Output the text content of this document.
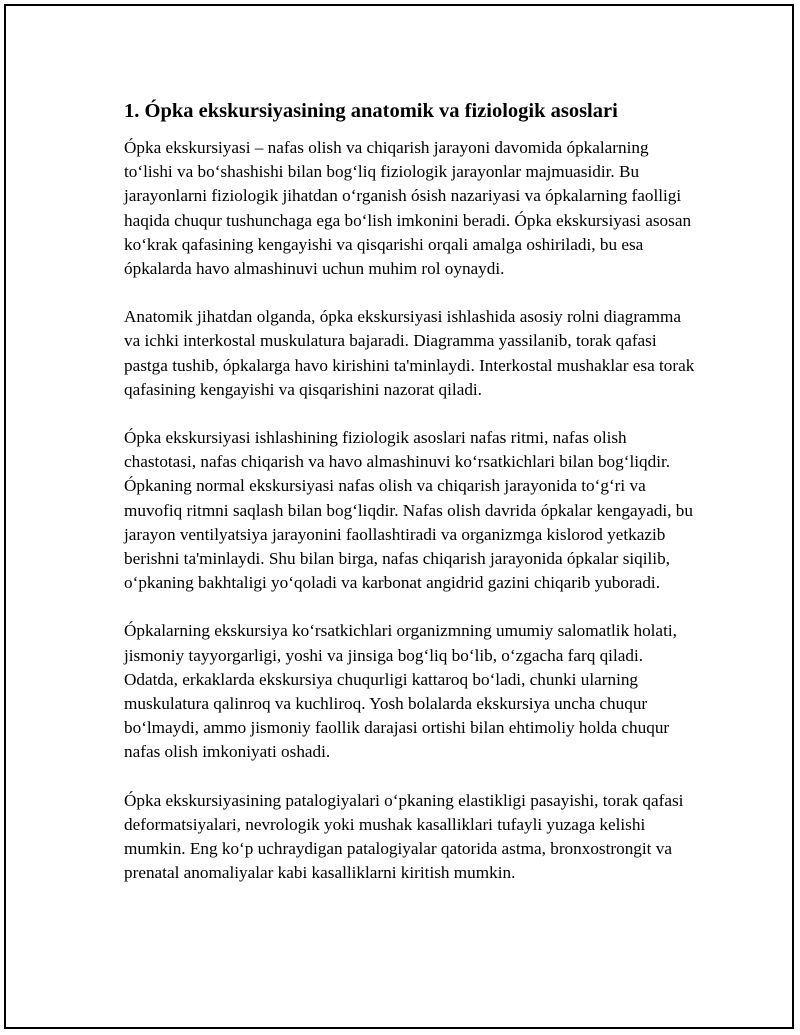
1. Ópka ekskursiyasining anatomik va fiziologik asoslari

Ópka ekskursiyasi – nafas olish va chiqarish jarayoni davomida ópkalarning to‘lishi va bo‘shashishi bilan bog‘liq fiziologik jarayonlar majmuasidir. Bu jarayonlarni fiziologik jihatdan o‘rganish ósish nazariyasi va ópkalarning faolligi haqida chuqur tushunchaga ega bo‘lish imkonini beradi. Ópka ekskursiyasi asosan ko‘krak qafasining kengayishi va qisqarishi orqali amalga oshiriladi, bu esa ópkalarda havo almashinuvi uchun muhim rol oynaydi.

Anatomik jihatdan olganda, ópka ekskursiyasi ishlashida asosiy rolni diagramma va ichki interkostal muskulatura bajaradi. Diagramma yassilanib, torak qafasi pastga tushib, ópkalarga havo kirishini ta'minlaydi. Interkostal mushaklar esa torak qafasining kengayishi va qisqarishini nazorat qiladi.

Ópka ekskursiyasi ishlashining fiziologik asoslari nafas ritmi, nafas olish chastotasi, nafas chiqarish va havo almashinuvi ko‘rsatkichlari bilan bog‘liqdir. Ópkaning normal ekskursiyasi nafas olish va chiqarish jarayonida to‘g‘ri va muvofiq ritmni saqlash bilan bog‘liqdir. Nafas olish davrida ópkalar kengayadi, bu jarayon ventilyatsiya jarayonini faollashtiradi va organizmga kislorod yetkazib berishni ta'minlaydi. Shu bilan birga, nafas chiqarish jarayonida ópkalar siqilib, o‘pkaning bakhtaligi yo‘qoladi va karbonat angidrid gazini chiqarib yuboradi.

Ópkalarning ekskursiya ko‘rsatkichlari organizmning umumiy salomatlik holati, jismoniy tayyorgarligi, yoshi va jinsiga bog‘liq bo‘lib, o‘zgacha farq qiladi. Odatda, erkaklarda ekskursiya chuqurligi kattaroq bo‘ladi, chunki ularning muskulatura qalinroq va kuchliroq. Yosh bolalarda ekskursiya uncha chuqur bo‘lmaydi, ammo jismoniy faollik darajasi ortishi bilan ehtimoliy holda chuqur nafas olish imkoniyati oshadi.

Ópka ekskursiyasining patalogiyalari o‘pkaning elastikligi pasayishi, torak qafasi deformatsiyalari, nevrologik yoki mushak kasalliklari tufayli yuzaga kelishi mumkin. Eng ko‘p uchraydigan patalogiyalar qatorida astma, bronxostrongit va prenatal anomaliyalar kabi kasalliklarni kiritish mumkin.
